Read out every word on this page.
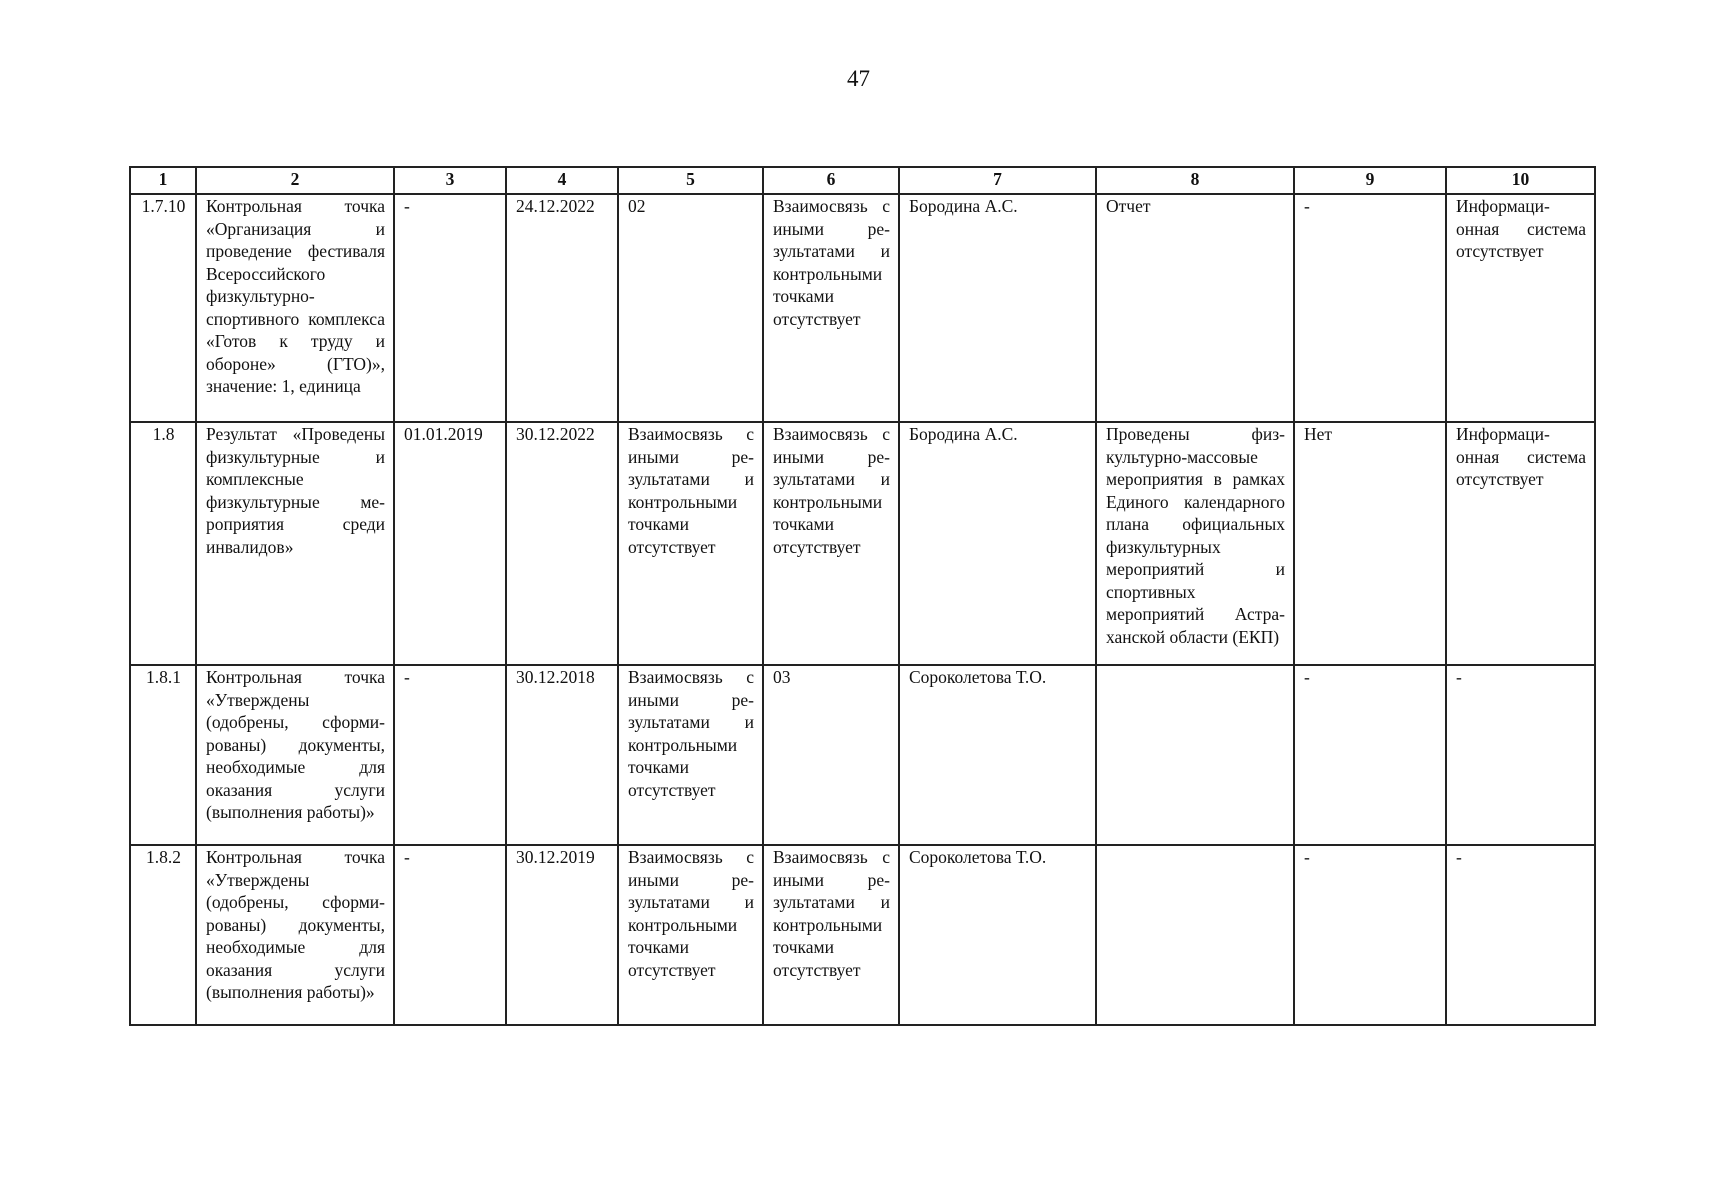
47
1	2	3	4	5	6	7	8	9	10
1.7.10	Контрольная точка «Организация и проведение фестиваля Всероссийского физкультурно-спортивного комплекса «Готов к труду и обороне» (ГТО)», значение: 1, единица	-	24.12.2022	02	Взаимосвязь с иными результатами и контрольными точками отсутствует	Бородина А.С.	Отчет	-	Информационная система отсутствует
1.8	Результат «Проведены физкультурные и комплексные физкультурные мероприятия среди инвалидов»	01.01.2019	30.12.2022	Взаимосвязь с иными результатами и контрольными точками отсутствует	Взаимосвязь с иными результатами и контрольными точками отсутствует	Бородина А.С.	Проведены физкультурно-массовые мероприятия в рамках Единого календарного плана официальных физкультурных мероприятий и спортивных мероприятий Астраханской области (ЕКП)	Нет	Информационная система отсутствует
1.8.1	Контрольная точка «Утверждены (одобрены, сформированы) документы, необходимые для оказания услуги (выполнения работы)»	-	30.12.2018	Взаимосвязь с иными результатами и контрольными точками отсутствует	03	Сороколетова Т.О.		-	-
1.8.2	Контрольная точка «Утверждены (одобрены, сформированы) документы, необходимые для оказания услуги (выполнения работы)»	-	30.12.2019	Взаимосвязь с иными результатами и контрольными точками отсутствует	Взаимосвязь с иными результатами и контрольными точками отсутствует	Сороколетова Т.О.		-	-
